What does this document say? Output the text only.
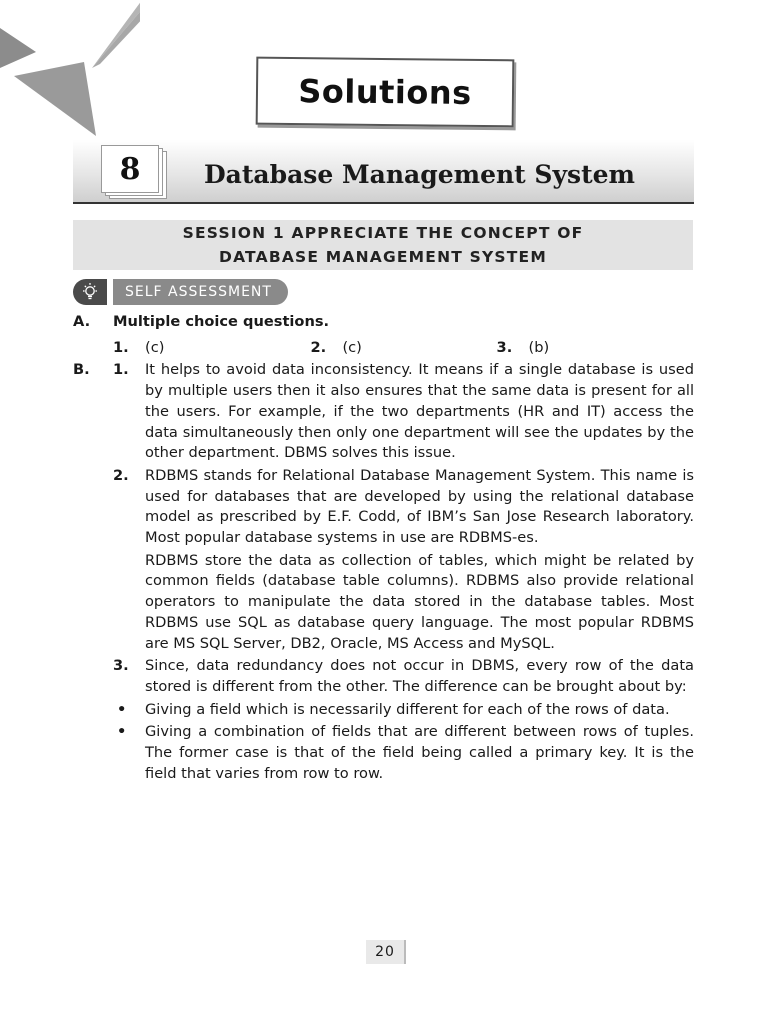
Solutions
8	Database Management System
SESSION 1 APPRECIATE THE CONCEPT OF
DATABASE MANAGEMENT SYSTEM
SELF ASSESSMENT
A.	Multiple choice questions.
1.	(c)	2.	(c)	3.	(b)
B. 1. It helps to avoid data inconsistency. It means if a single database is used by multiple users then it also ensures that the same data is present for all the users. For example, if the two departments (HR and IT) access the data simultaneously then only one department will see the updates by the other department. DBMS solves this issue.
2. RDBMS stands for Relational Database Management System. This name is used for databases that are developed by using the relational database model as prescribed by E.F. Codd, of IBM’s San Jose Research laboratory. Most popular database systems in use are RDBMS-es.
RDBMS store the data as collection of tables, which might be related by common fields (database table columns). RDBMS also provide relational operators to manipulate the data stored in the database tables. Most RDBMS use SQL as database query language. The most popular RDBMS are MS SQL Server, DB2, Oracle, MS Access and MySQL.
3. Since, data redundancy does not occur in DBMS, every row of the data stored is different from the other. The difference can be brought about by:
• Giving a field which is necessarily different for each of the rows of data.
• Giving a combination of fields that are different between rows of tuples. The former case is that of the field being called a primary key. It is the field that varies from row to row.
20
